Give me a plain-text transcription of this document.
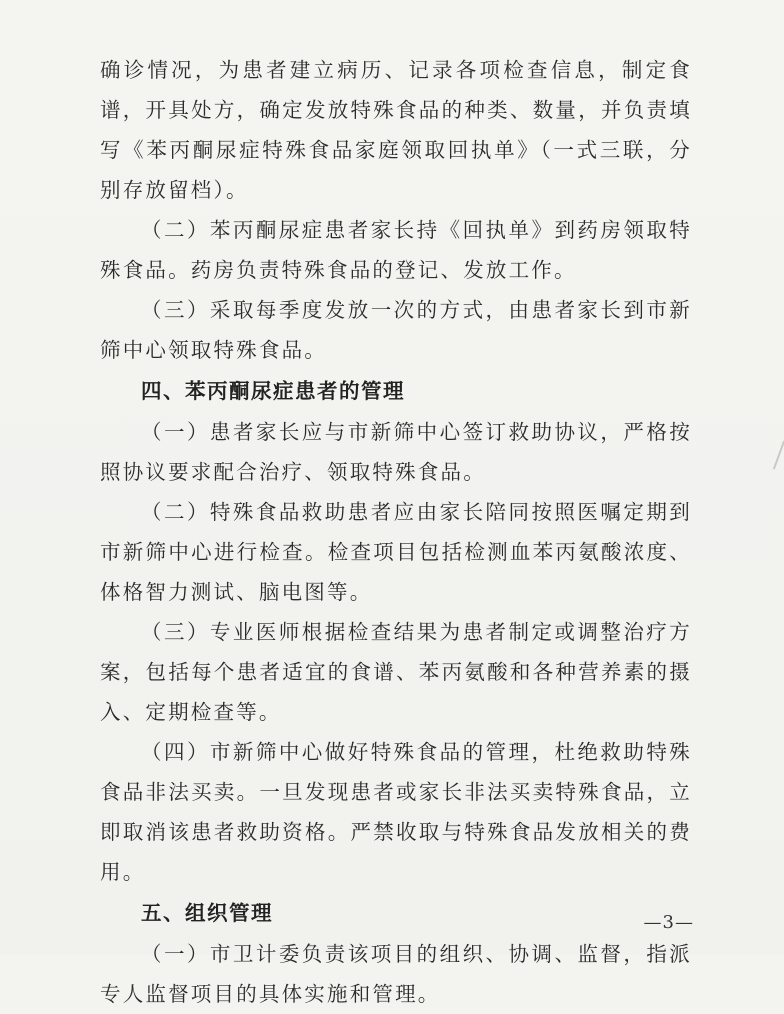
确诊情况，为患者建立病历、记录各项检查信息，制定食谱，开具处方，确定发放特殊食品的种类、数量，并负责填写《苯丙酮尿症特殊食品家庭领取回执单》（一式三联，分别存放留档）。

（二）苯丙酮尿症患者家长持《回执单》到药房领取特殊食品。药房负责特殊食品的登记、发放工作。

（三）采取每季度发放一次的方式，由患者家长到市新筛中心领取特殊食品。

四、苯丙酮尿症患者的管理

（一）患者家长应与市新筛中心签订救助协议，严格按照协议要求配合治疗、领取特殊食品。

（二）特殊食品救助患者应由家长陪同按照医嘱定期到市新筛中心进行检查。检查项目包括检测血苯丙氨酸浓度、体格智力测试、脑电图等。

（三）专业医师根据检查结果为患者制定或调整治疗方案，包括每个患者适宜的食谱、苯丙氨酸和各种营养素的摄入、定期检查等。

（四）市新筛中心做好特殊食品的管理，杜绝救助特殊食品非法买卖。一旦发现患者或家长非法买卖特殊食品，立即取消该患者救助资格。严禁收取与特殊食品发放相关的费用。

五、组织管理

（一）市卫计委负责该项目的组织、协调、监督，指派专人监督项目的具体实施和管理。

—3—
